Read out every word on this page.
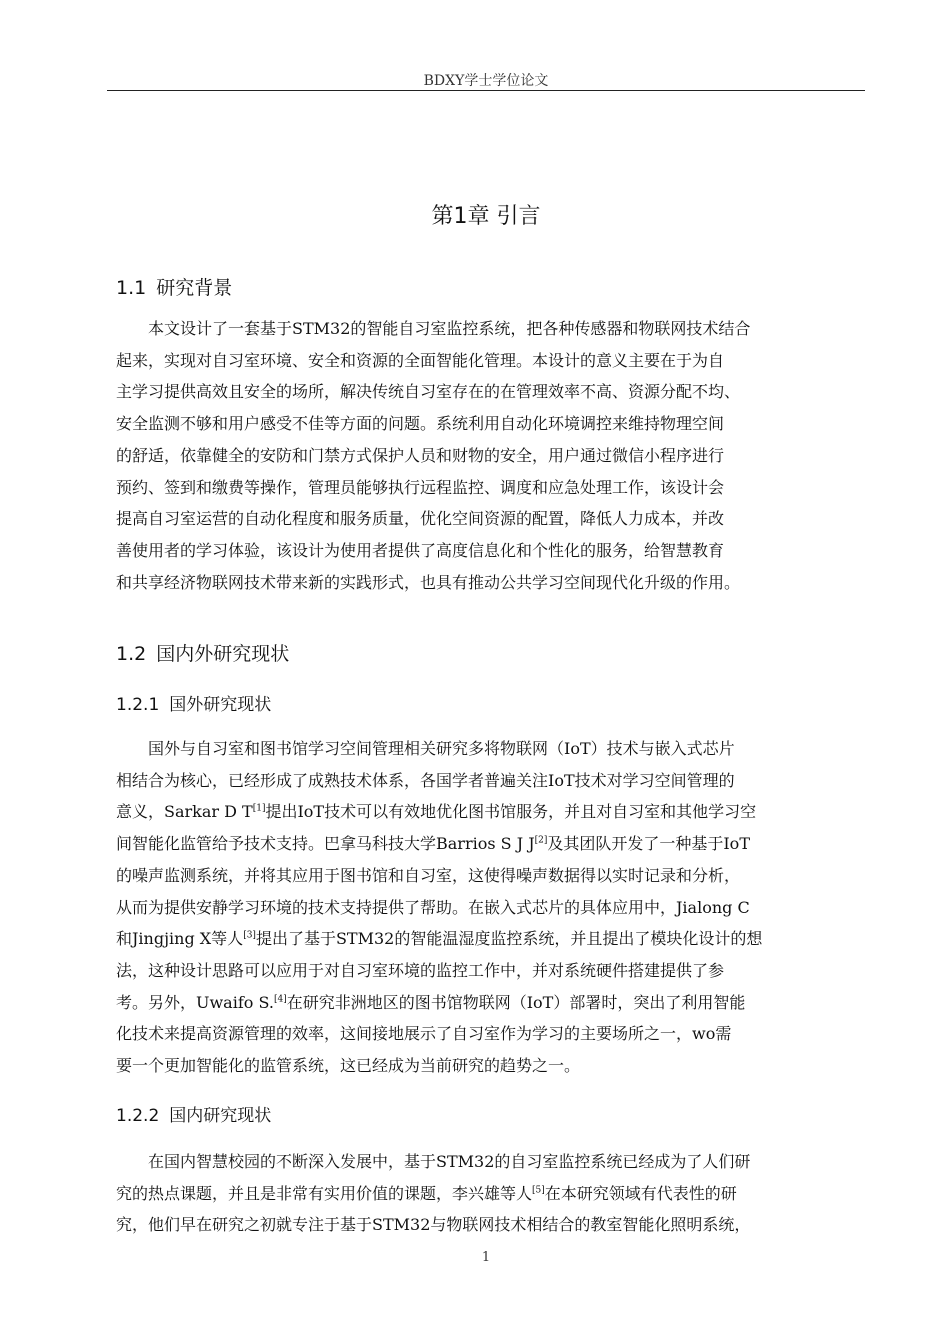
BDXY学士学位论文
第1章 引言
1.1 研究背景
本文设计了一套基于STM32的智能自习室监控系统，把各种传感器和物联网技术结合
起来，实现对自习室环境、安全和资源的全面智能化管理。本设计的意义主要在于为自
主学习提供高效且安全的场所，解决传统自习室存在的在管理效率不高、资源分配不均、
安全监测不够和用户感受不佳等方面的问题。系统利用自动化环境调控来维持物理空间
的舒适，依靠健全的安防和门禁方式保护人员和财物的安全，用户通过微信小程序进行
预约、签到和缴费等操作，管理员能够执行远程监控、调度和应急处理工作，该设计会
提高自习室运营的自动化程度和服务质量，优化空间资源的配置，降低人力成本，并改
善使用者的学习体验，该设计为使用者提供了高度信息化和个性化的服务，给智慧教育
和共享经济物联网技术带来新的实践形式，也具有推动公共学习空间现代化升级的作用。
1.2 国内外研究现状
1.2.1 国外研究现状
国外与自习室和图书馆学习空间管理相关研究多将物联网（IoT）技术与嵌入式芯片
相结合为核心，已经形成了成熟技术体系，各国学者普遍关注IoT技术对学习空间管理的
意义，Sarkar D T[1]提出IoT技术可以有效地优化图书馆服务，并且对自习室和其他学习空
间智能化监管给予技术支持。巴拿马科技大学Barrios S J J[2]及其团队开发了一种基于IoT
的噪声监测系统，并将其应用于图书馆和自习室，这使得噪声数据得以实时记录和分析，
从而为提供安静学习环境的技术支持提供了帮助。在嵌入式芯片的具体应用中，Jialong C
和Jingjing X等人[3]提出了基于STM32的智能温湿度监控系统，并且提出了模块化设计的想
法，这种设计思路可以应用于对自习室环境的监控工作中，并对系统硬件搭建提供了参
考。另外，Uwaifo S.[4]在研究非洲地区的图书馆物联网（IoT）部署时，突出了利用智能
化技术来提高资源管理的效率，这间接地展示了自习室作为学习的主要场所之一，wo需
要一个更加智能化的监管系统，这已经成为当前研究的趋势之一。
1.2.2 国内研究现状
在国内智慧校园的不断深入发展中，基于STM32的自习室监控系统已经成为了人们研
究的热点课题，并且是非常有实用价值的课题，李兴雄等人[5]在本研究领域有代表性的研
究，他们早在研究之初就专注于基于STM32与物联网技术相结合的教室智能化照明系统，
1
